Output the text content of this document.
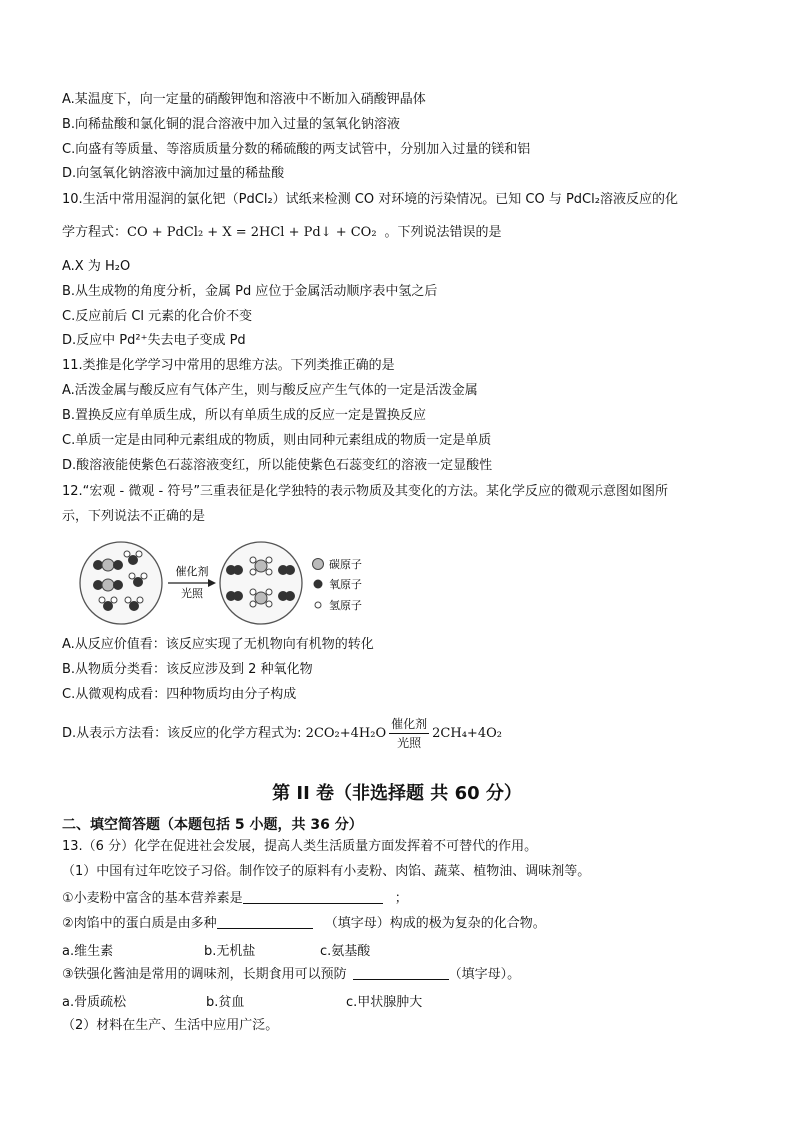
A.某温度下，向一定量的硝酸钾饱和溶液中不断加入硝酸钾晶体
B.向稀盐酸和氯化铜的混合溶液中加入过量的氢氧化钠溶液
C.向盛有等质量、等溶质质量分数的稀硫酸的两支试管中，分别加入过量的镁和铝
D.向氢氧化钠溶液中滴加过量的稀盐酸
10.生活中常用湿润的氯化钯（PdCl₂）试纸来检测 CO 对环境的污染情况。已知 CO 与 PdCl₂溶液反应的化
学方程式：CO + PdCl₂ + X = 2HCl + Pd↓ + CO₂ 。下列说法错误的是
A.X 为 H₂O
B.从生成物的角度分析，金属 Pd 应位于金属活动顺序表中氢之后
C.反应前后 Cl 元素的化合价不变
D.反应中 Pd²⁺失去电子变成 Pd
11.类推是化学学习中常用的思维方法。下列类推正确的是
A.活泼金属与酸反应有气体产生，则与酸反应产生气体的一定是活泼金属
B.置换反应有单质生成，所以有单质生成的反应一定是置换反应
C.单质一定是由同种元素组成的物质，则由同种元素组成的物质一定是单质
D.酸溶液能使紫色石蕊溶液变红，所以能使紫色石蕊变红的溶液一定显酸性
12.“宏观 - 微观 - 符号”三重表征是化学独特的表示物质及其变化的方法。某化学反应的微观示意图如图所
示，下列说法不正确的是
催化剂
光照
碳原子
氧原子
氢原子
A.从反应价值看：该反应实现了无机物向有机物的转化
B.从物质分类看：该反应涉及到 2 种氧化物
C.从微观构成看：四种物质均由分子构成
D.从表示方法看：该反应的化学方程式为: $2CO_2+4H_2O \frac{\text{催化剂}}{\text{光照}} 2CH_4+4O_2$
第 II 卷（非选择题 共 60 分）
二、填空简答题（本题包括 5 小题，共 36 分）
13.（6 分）化学在促进社会发展，提高人类生活质量方面发挥着不可替代的作用。
（1）中国有过年吃饺子习俗。制作饺子的原料有小麦粉、肉馅、蔬菜、植物油、调味剂等。
①小麦粉中富含的基本营养素是	；
②肉馅中的蛋白质是由多种	（填字母）构成的极为复杂的化合物。
a.维生素	b.无机盐	c.氨基酸
③铁强化酱油是常用的调味剂，长期食用可以预防	（填字母）。
a.骨质疏松	b.贫血	c.甲状腺肿大
（2）材料在生产、生活中应用广泛。
